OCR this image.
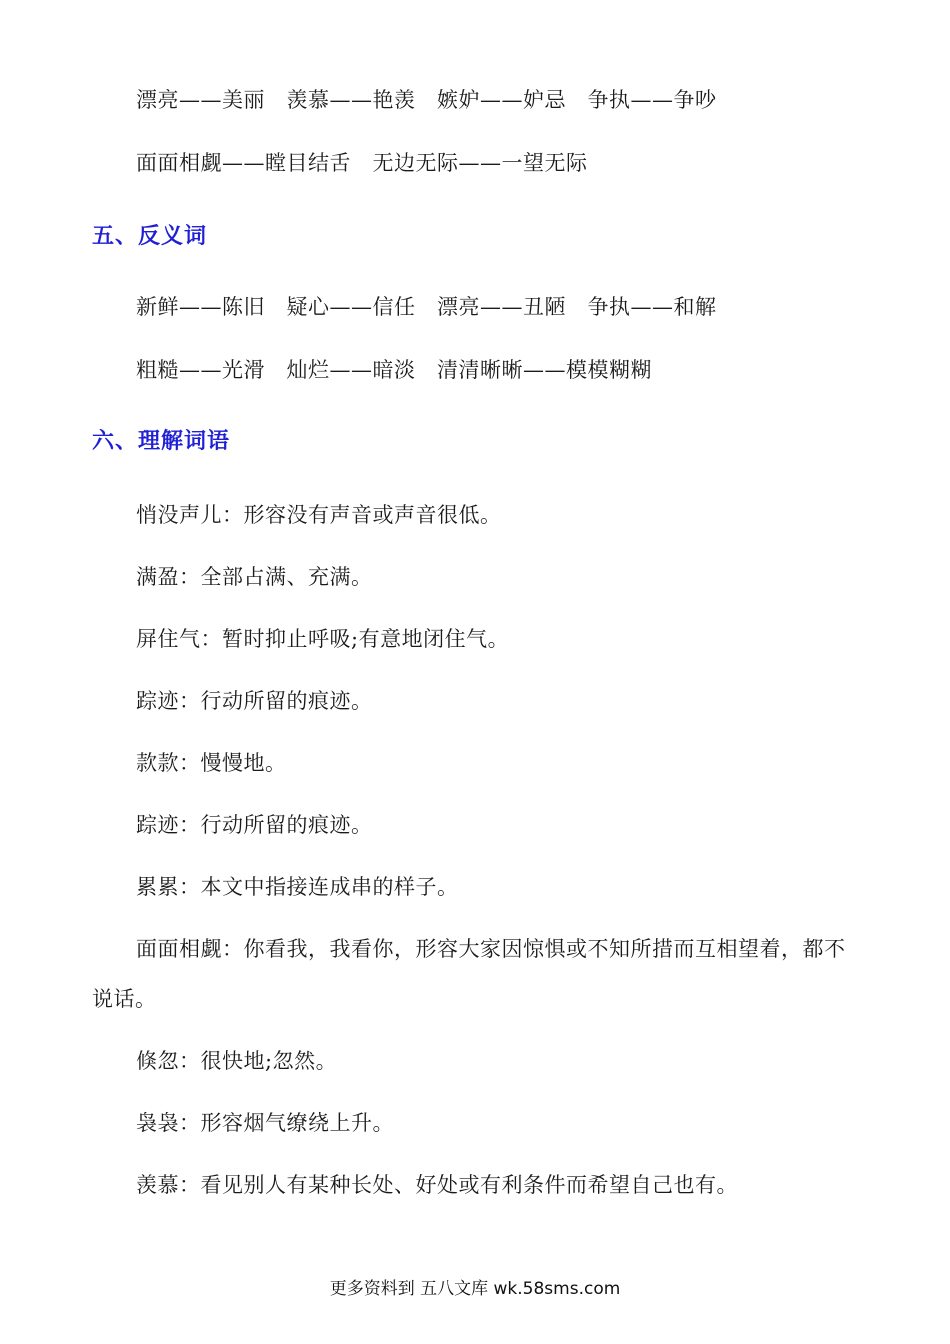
漂亮——美丽　羡慕——艳羡　嫉妒——妒忌　争执——争吵
面面相觑——瞠目结舌　无边无际——一望无际
五、反义词
新鲜——陈旧　疑心——信任　漂亮——丑陋　争执——和解
粗糙——光滑　灿烂——暗淡　清清晰晰——模模糊糊
六、理解词语
悄没声儿：形容没有声音或声音很低。
满盈：全部占满、充满。
屏住气：暂时抑止呼吸;有意地闭住气。
踪迹：行动所留的痕迹。
款款：慢慢地。
踪迹：行动所留的痕迹。
累累：本文中指接连成串的样子。
面面相觑：你看我，我看你，形容大家因惊惧或不知所措而互相望着，都不说话。
倏忽：很快地;忽然。
袅袅：形容烟气缭绕上升。
羡慕：看见别人有某种长处、好处或有利条件而希望自己也有。
更多资料到 五八文库 wk.58sms.com
